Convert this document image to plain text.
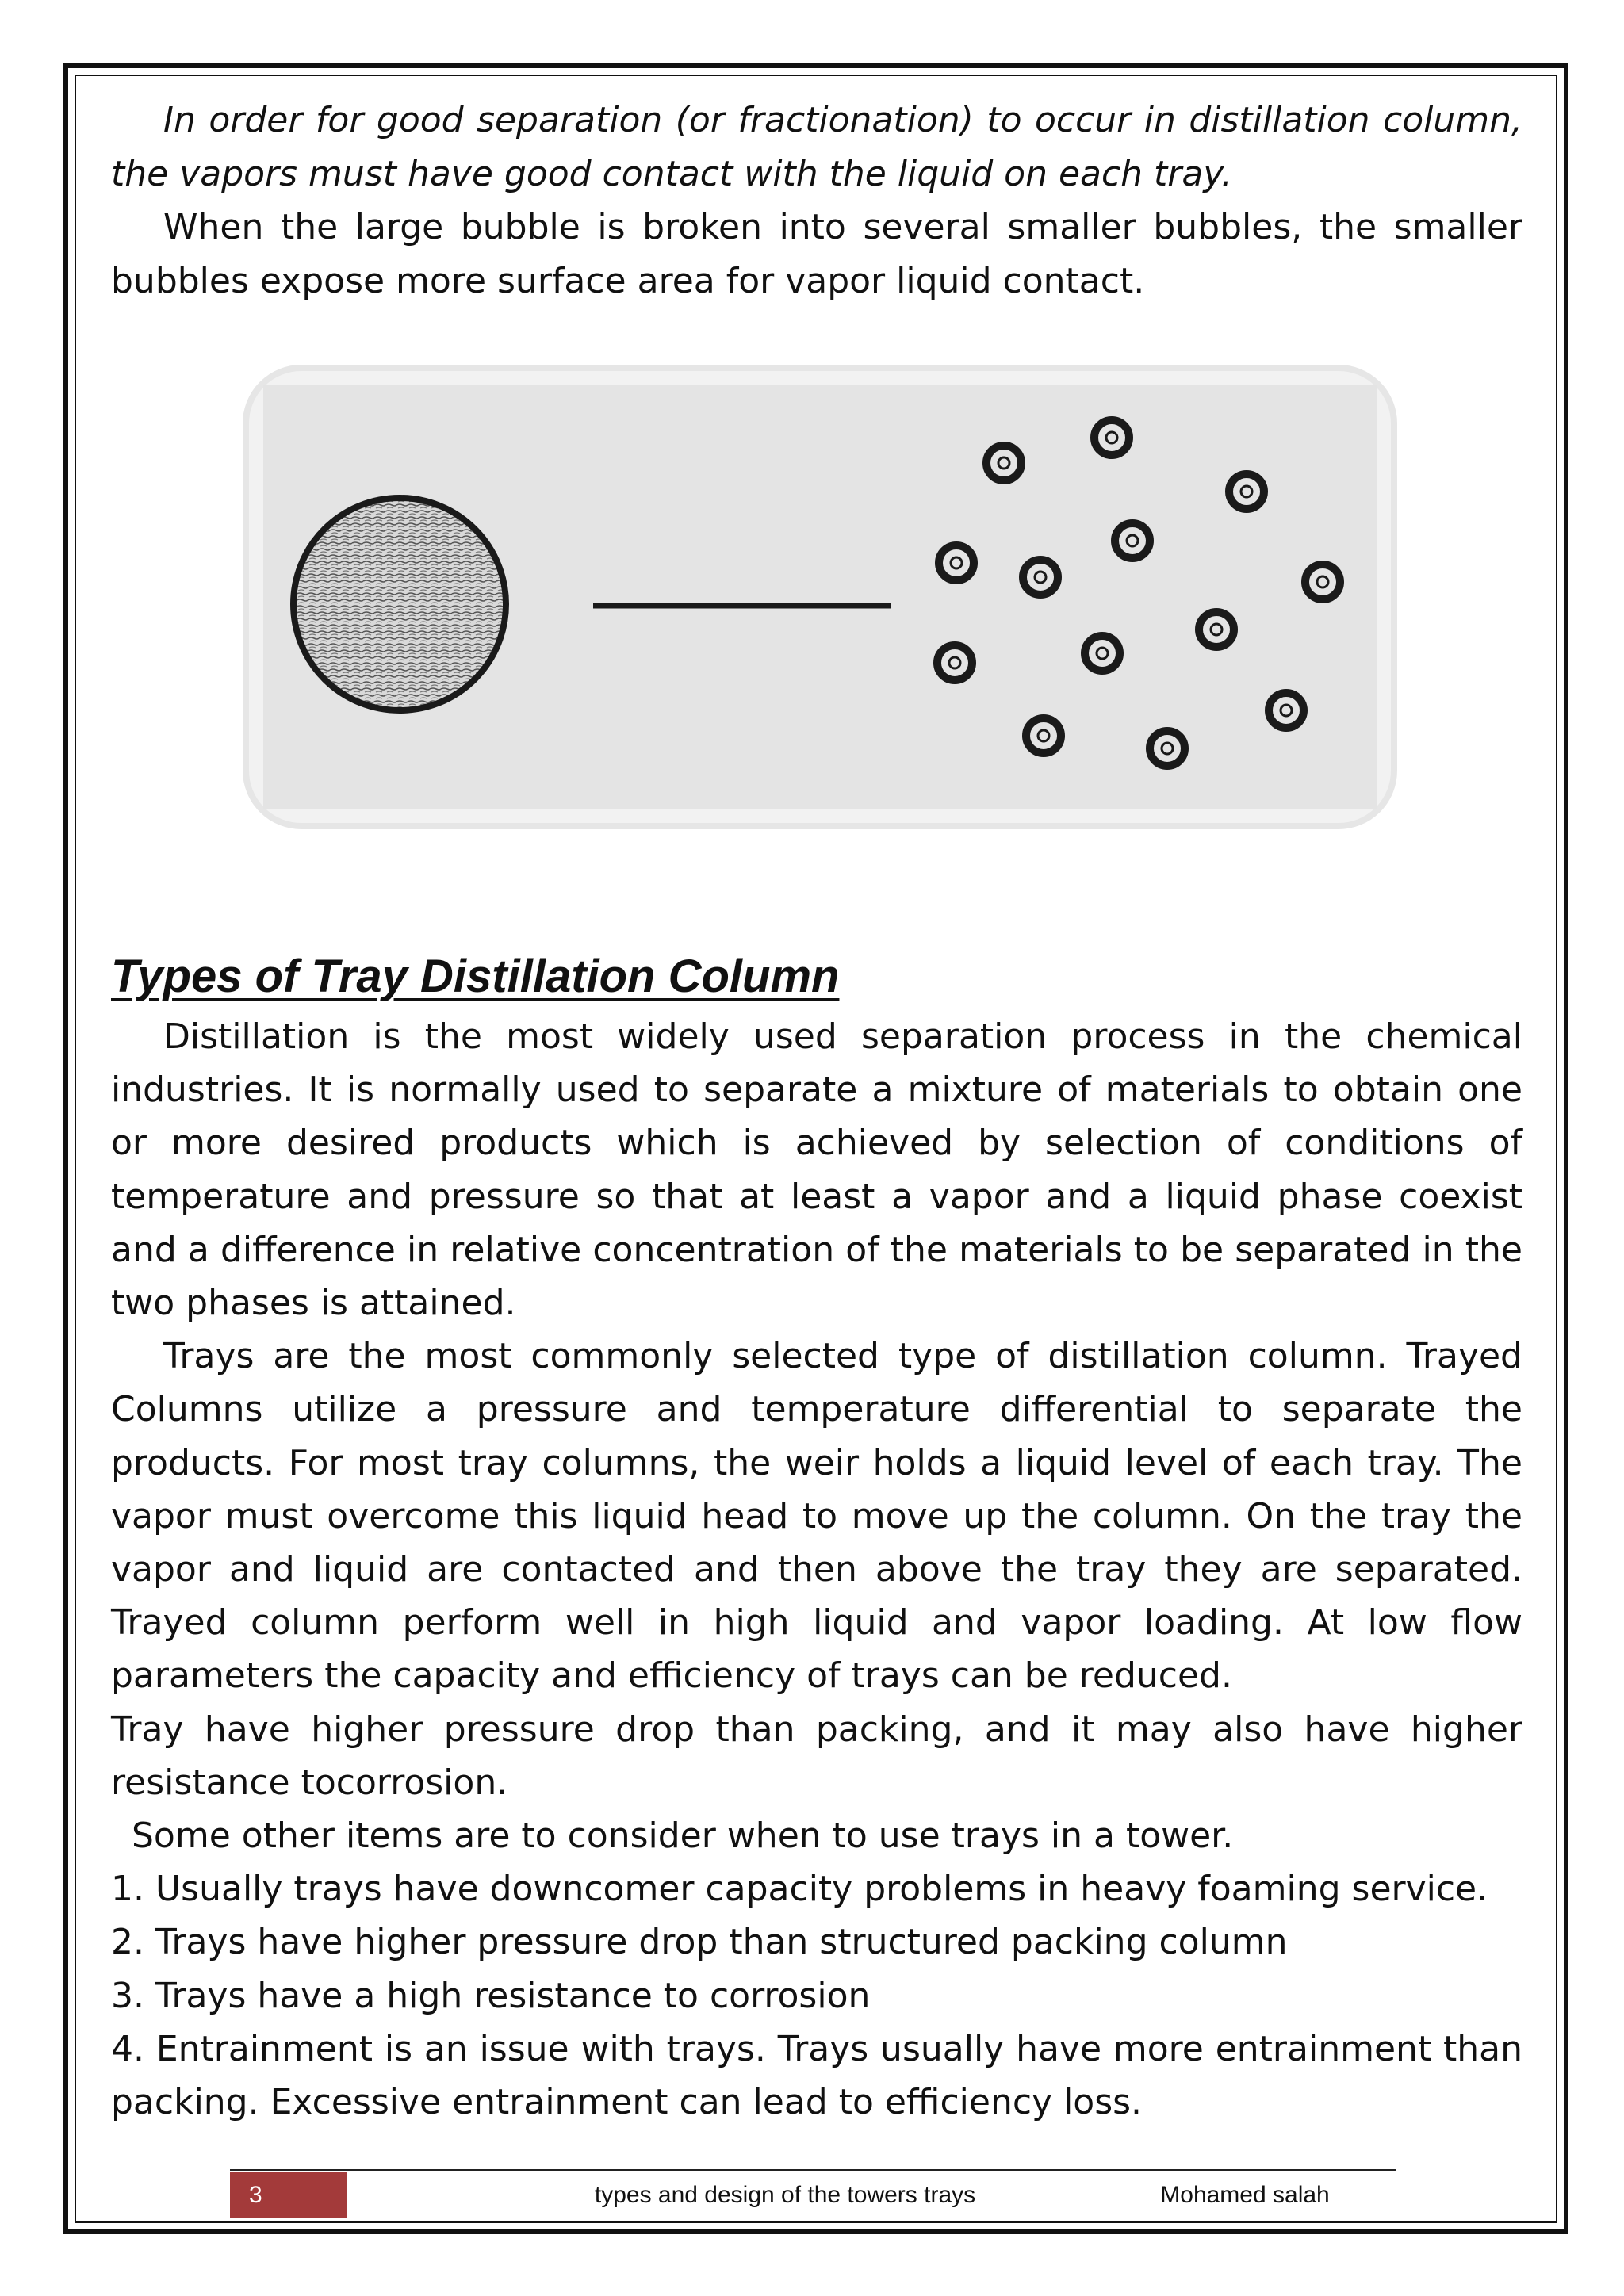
In order for good separation (or fractionation) to occur in distillation column, the vapors must have good contact with the liquid on each tray.

When the large bubble is broken into several smaller bubbles, the smaller bubbles expose more surface area for vapor liquid contact.

Types of Tray Distillation Column

Distillation is the most widely used separation process in the chemical industries. It is normally used to separate a mixture of materials to obtain one or more desired products which is achieved by selection of conditions of temperature and pressure so that at least a vapor and a liquid phase coexist and a difference in relative concentration of the materials to be separated in the two phases is attained.

Trays are the most commonly selected type of distillation column. Trayed Columns utilize a pressure and temperature differential to separate the products. For most tray columns, the weir holds a liquid level of each tray. The vapor must overcome this liquid head to move up the column. On the tray the vapor and liquid are contacted and then above the tray they are separated. Trayed column perform well in high liquid and vapor loading. At low flow parameters the capacity and efficiency of trays can be reduced.

Tray have higher pressure drop than packing, and it may also have higher resistance tocorrosion.

Some other items are to consider when to use trays in a tower.

1. Usually trays have downcomer capacity problems in heavy foaming service.

2. Trays have higher pressure drop than structured packing column

3. Trays have a high resistance to corrosion

4. Entrainment is an issue with trays. Trays usually have more entrainment than packing. Excessive entrainment can lead to efficiency loss.

3	types and design of the towers trays	Mohamed salah
